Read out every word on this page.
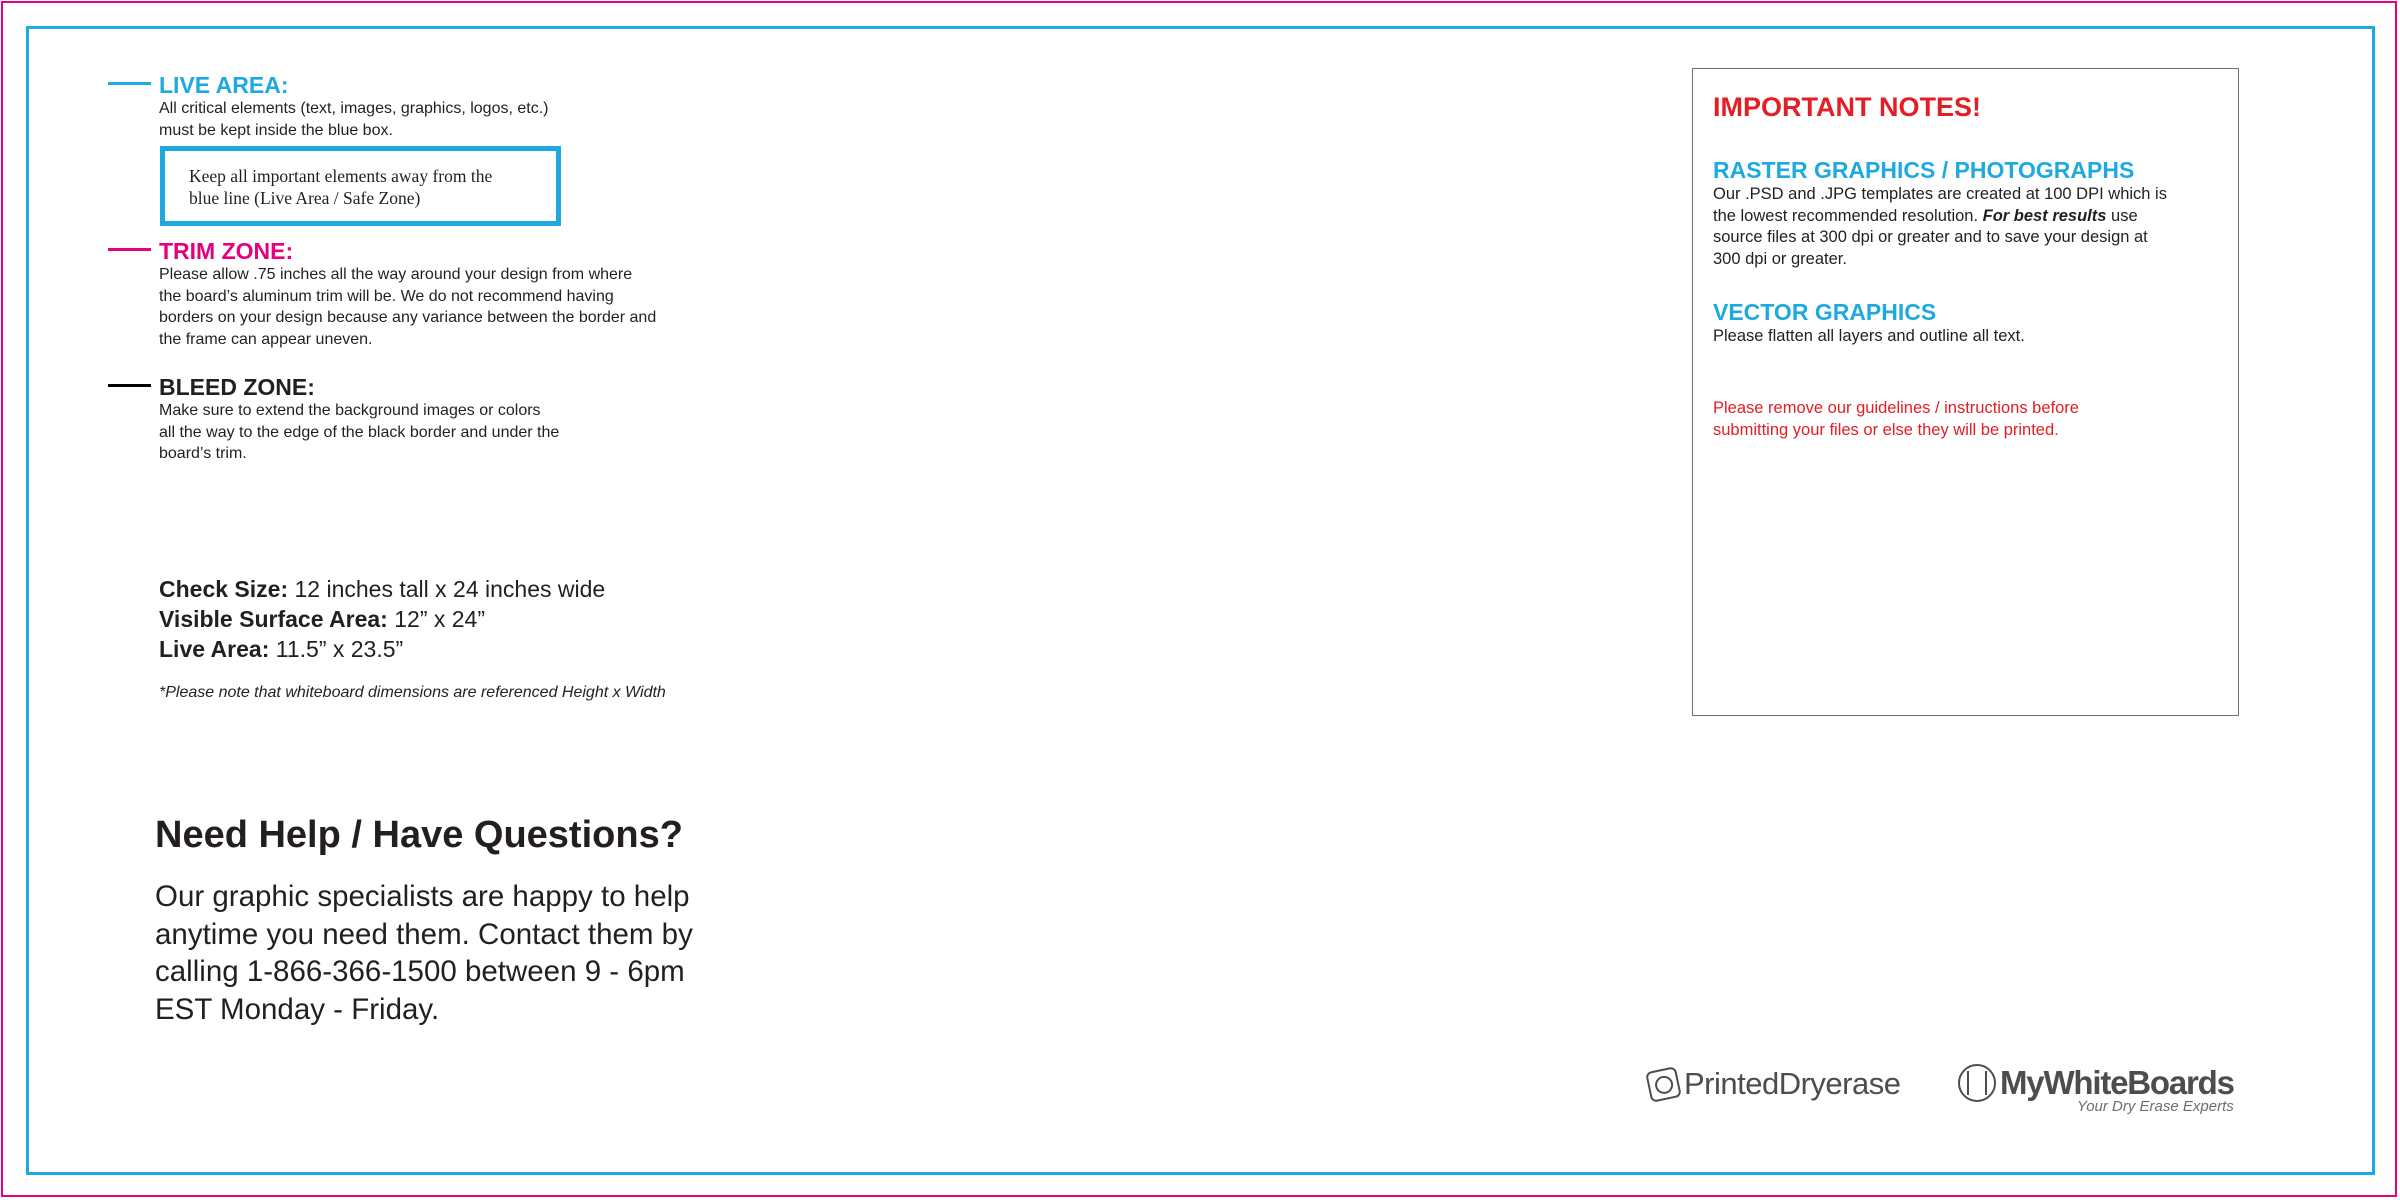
LIVE AREA:

All critical elements (text, images, graphics, logos, etc.)
must be kept inside the blue box.

Keep all important elements away from the
blue line (Live Area / Safe Zone)

TRIM ZONE:

Please allow .75 inches all the way around your design from where
the board’s aluminum trim will be. We do not recommend having
borders on your design because any variance between the border and
the frame can appear uneven.

BLEED ZONE:

Make sure to extend the background images or colors
all the way to the edge of the black border and under the
board’s trim.

Check Size: 12 inches tall x 24 inches wide

Visible Surface Area: 12” x 24”

Live Area: 11.5” x 23.5”

*Please note that whiteboard dimensions are referenced Height x Width

Need Help / Have Questions?

Our graphic specialists are happy to help
anytime you need them. Contact them by
calling 1-866-366-1500 between 9 - 6pm
EST Monday - Friday.

IMPORTANT NOTES!
RASTER GRAPHICS / PHOTOGRAPHS

Our .PSD and .JPG templates are created at 100 DPI which is
the lowest recommended resolution. For best results use
source files at 300 dpi or greater and to save your design at
300 dpi or greater.

VECTOR GRAPHICS

Please flatten all layers and outline all text.

Please remove our guidelines / instructions before
submitting your files or else they will be printed.

PrintedDryerase	MyWhiteBoards
Your Dry Erase Experts
